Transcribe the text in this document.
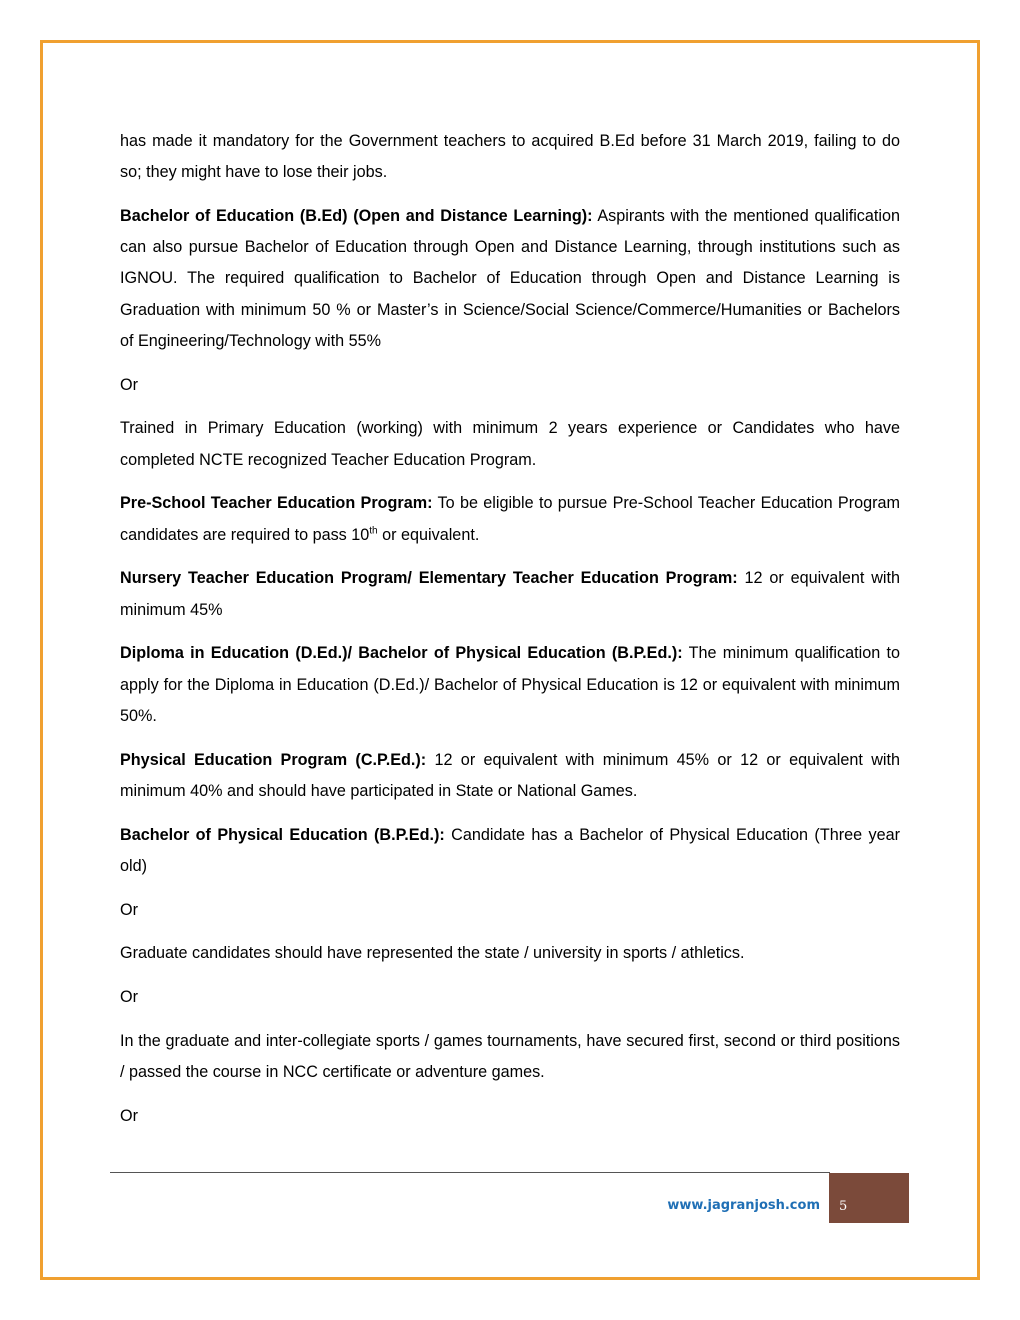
has made it mandatory for the Government teachers to acquired B.Ed before 31 March 2019, failing to do so; they might have to lose their jobs.

Bachelor of Education (B.Ed) (Open and Distance Learning): Aspirants with the mentioned qualification can also pursue Bachelor of Education through Open and Distance Learning, through institutions such as IGNOU. The required qualification to Bachelor of Education through Open and Distance Learning is Graduation with minimum 50 % or Master’s in Science/Social Science/Commerce/Humanities or Bachelors of Engineering/Technology with 55%

Or

Trained in Primary Education (working) with minimum 2 years experience or Candidates who have completed NCTE recognized Teacher Education Program.

Pre-School Teacher Education Program: To be eligible to pursue Pre-School Teacher Education Program candidates are required to pass 10th or equivalent.

Nursery Teacher Education Program/ Elementary Teacher Education Program: 12 or equivalent with minimum 45%

Diploma in Education (D.Ed.)/ Bachelor of Physical Education (B.P.Ed.): The minimum qualification to apply for the Diploma in Education (D.Ed.)/ Bachelor of Physical Education is 12 or equivalent with minimum 50%.

Physical Education Program (C.P.Ed.): 12 or equivalent with minimum 45% or 12 or equivalent with minimum 40% and should have participated in State or National Games.

Bachelor of Physical Education (B.P.Ed.): Candidate has a Bachelor of Physical Education (Three year old)

Or

Graduate candidates should have represented the state / university in sports / athletics.

Or

In the graduate and inter-collegiate sports / games tournaments, have secured first, second or third positions / passed the course in NCC certificate or adventure games.

Or

www.jagranjosh.com 5
